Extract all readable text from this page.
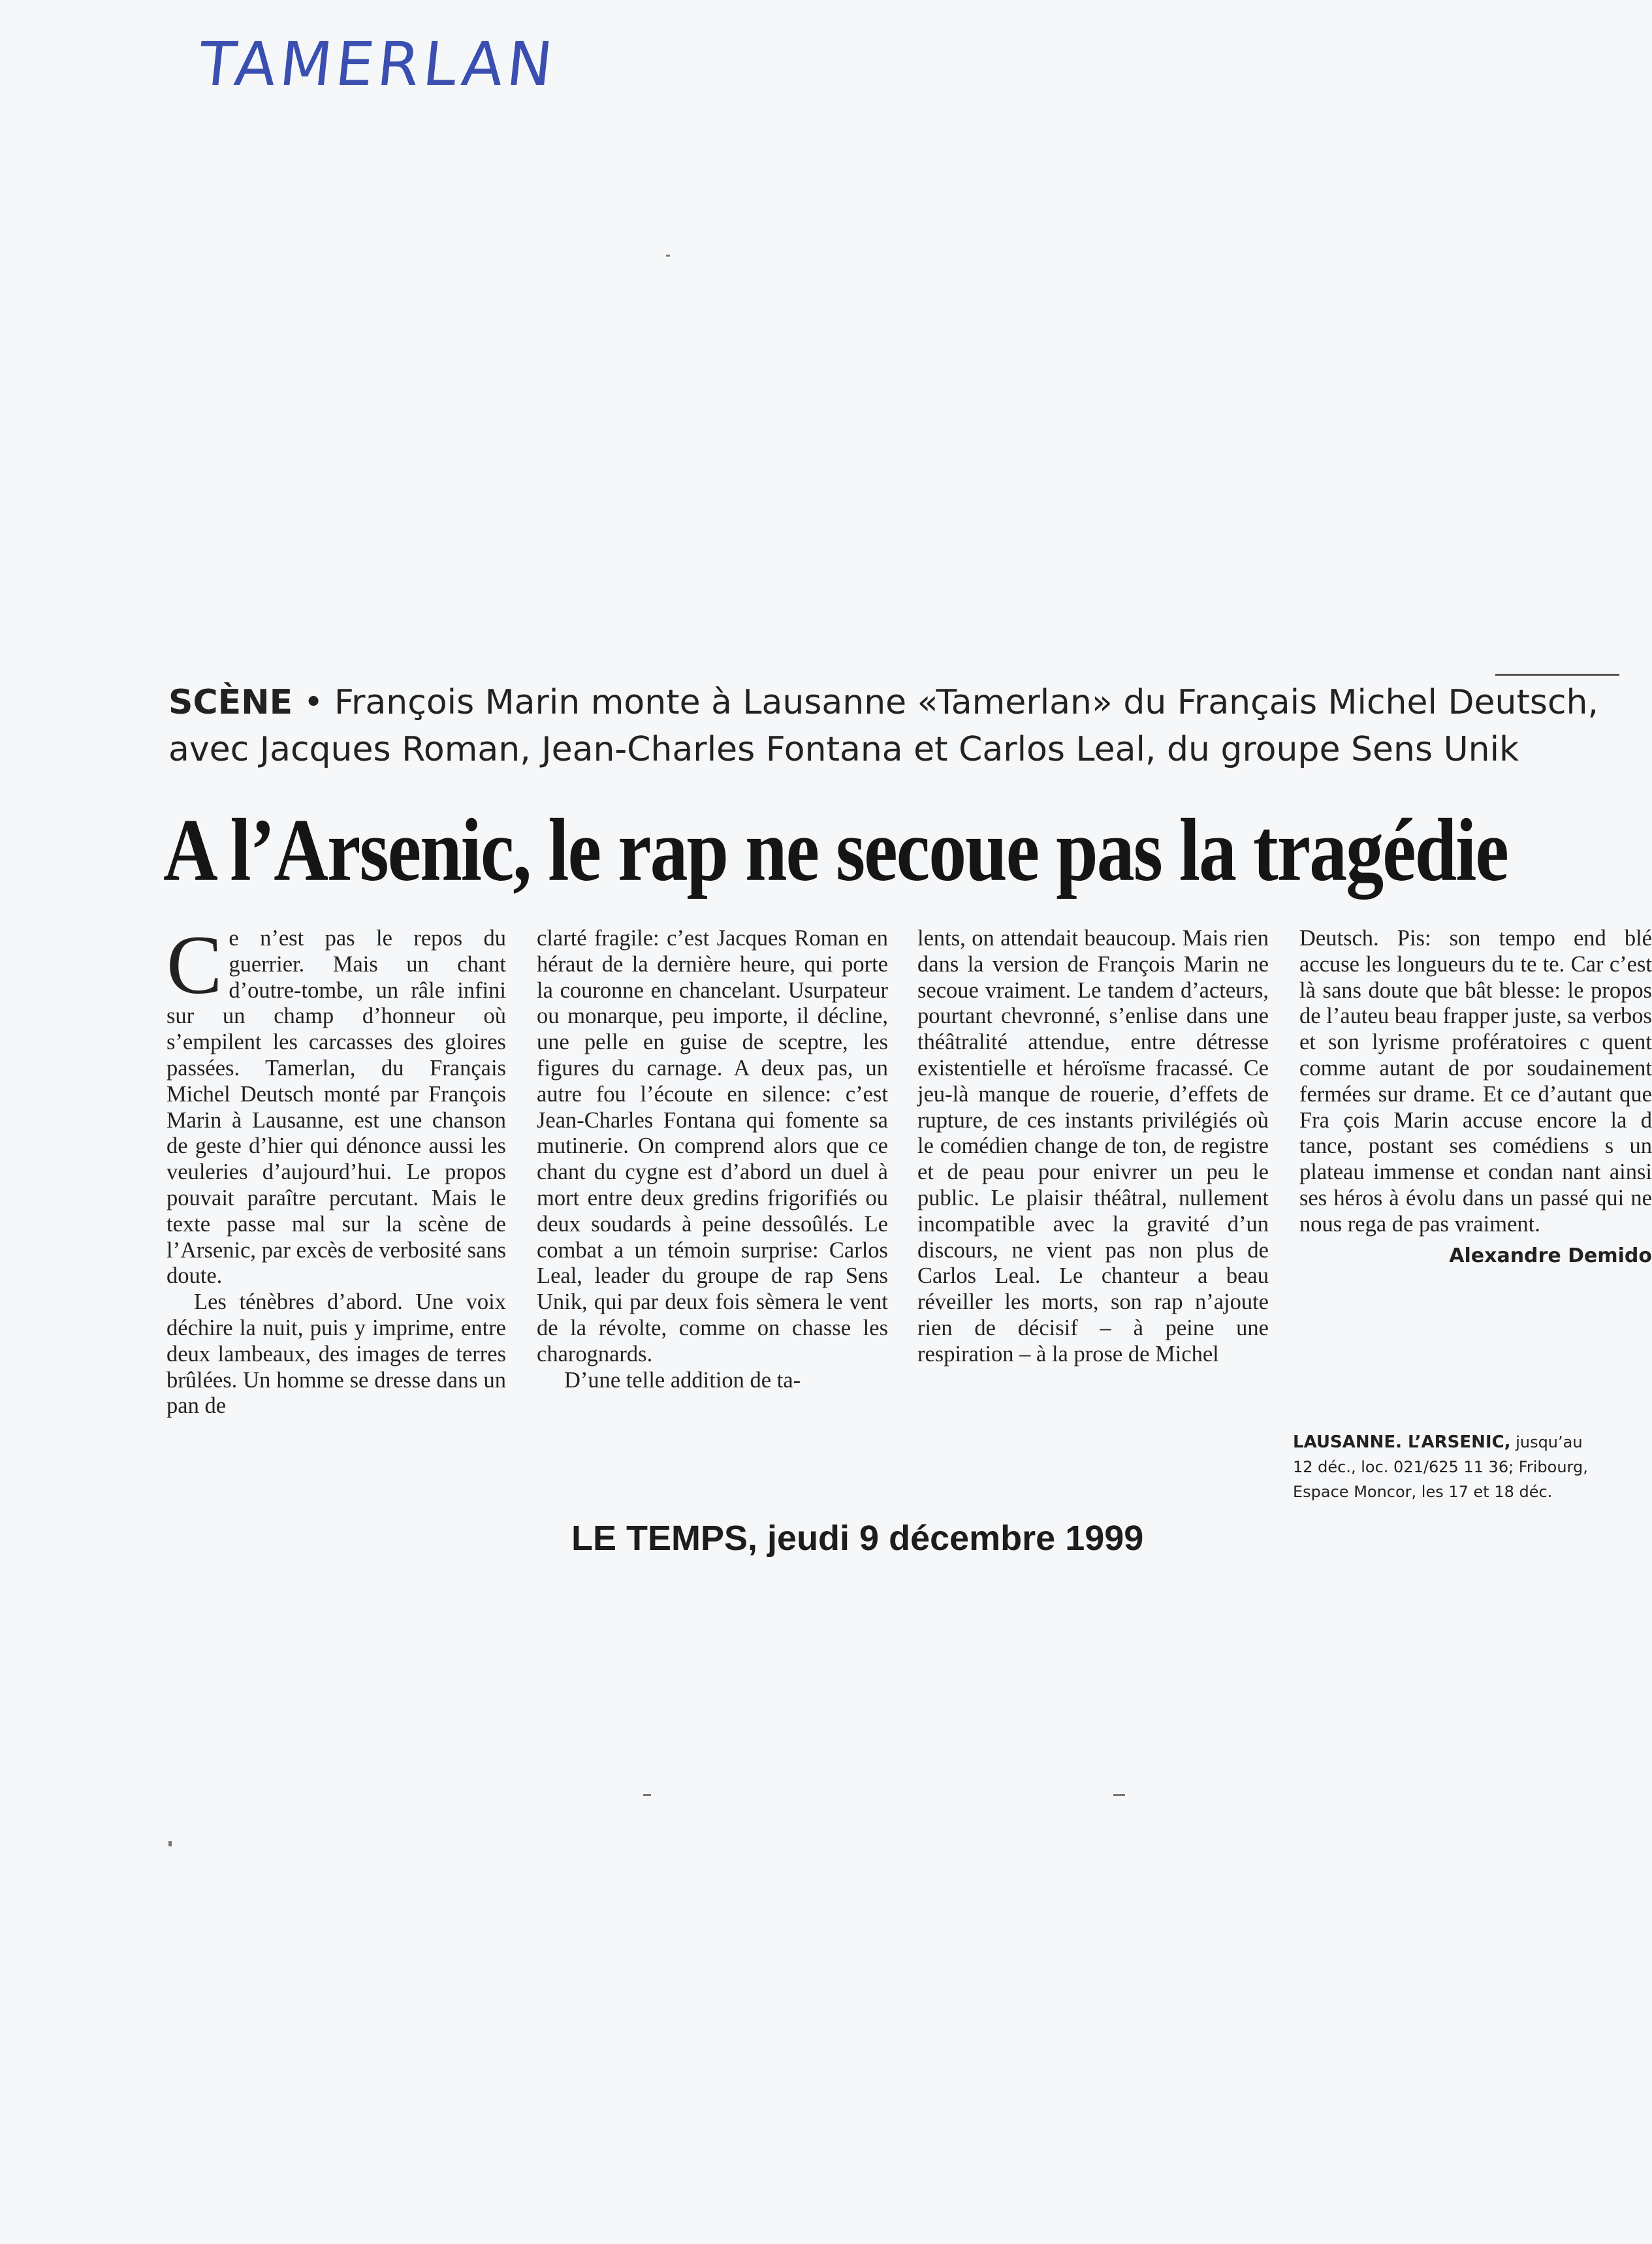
TAMERLAN
SCÈNE • François Marin monte à Lausanne «Tamerlan» du Français Michel Deutsch,
avec Jacques Roman, Jean-Charles Fontana et Carlos Leal, du groupe Sens Unik
A l’Arsenic, le rap ne secoue pas la tragédie

C e n’est pas le repos du guerrier. Mais un chant d’outre-tombe, un râle infini sur un champ d’honneur où s’empilent les carcasses des gloires passées. Tamerlan, du Français Michel Deutsch monté par François Marin à Lausanne, est une chanson de geste d’hier qui dénonce aussi les veuleries d’aujourd’hui. Le propos pouvait paraître percutant. Mais le texte passe mal sur la scène de l’Arsenic, par excès de verbosité sans doute.

Les ténèbres d’abord. Une voix déchire la nuit, puis y imprime, entre deux lambeaux, des images de terres brûlées. Un homme se dresse dans un pan de

clarté fragile: c’est Jacques Roman en héraut de la dernière heure, qui porte la couronne en chancelant. Usurpateur ou monarque, peu importe, il décline, une pelle en guise de sceptre, les figures du carnage. A deux pas, un autre fou l’écoute en silence: c’est Jean-Charles Fontana qui fomente sa mutinerie. On comprend alors que ce chant du cygne est d’abord un duel à mort entre deux gredins frigorifiés ou deux soudards à peine dessoûlés. Le combat a un témoin surprise: Carlos Leal, leader du groupe de rap Sens Unik, qui par deux fois sèmera le vent de la révolte, comme on chasse les charognards.

D’une telle addition de ta-

lents, on attendait beaucoup. Mais rien dans la version de François Marin ne secoue vraiment. Le tandem d’acteurs, pourtant chevronné, s’enlise dans une théâtralité attendue, entre détresse existentielle et héroïsme fracassé. Ce jeu-là manque de rouerie, d’effets de rupture, de ces instants privilégiés où le comédien change de ton, de registre et de peau pour enivrer un peu le public. Le plaisir théâtral, nullement incompatible avec la gravité d’un discours, ne vient pas non plus de Carlos Leal. Le chanteur a beau réveiller les morts, son rap n’ajoute rien de décisif – à peine une respiration – à la prose de Michel

Deutsch. Pis: son tempo end blé accuse les longueurs du te te. Car c’est là sans doute que bât blesse: le propos de l’auteu beau frapper juste, sa verbos et son lyrisme profératoires c quent comme autant de por soudainement fermées sur drame. Et ce d’autant que Fra çois Marin accuse encore la d tance, postant ses comédiens s un plateau immense et condan nant ainsi ses héros à évolu dans un passé qui ne nous rega de pas vraiment.

Alexandre Demido
LAUSANNE. L’ARSENIC, jusqu’au
12 déc., loc. 021/625 11 36; Fribourg,
Espace Moncor, les 17 et 18 déc.
LE TEMPS, jeudi 9 décembre 1999
